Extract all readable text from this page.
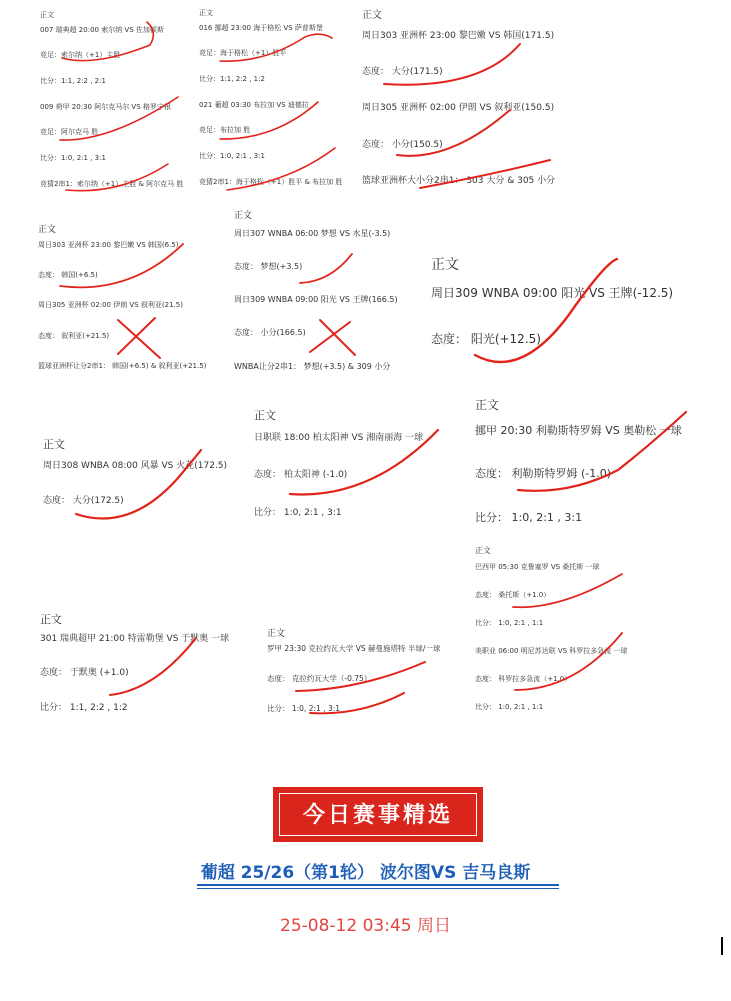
正文
007 瑞典超 20:00 索尔纳 VS 佐加顿斯
竞足：索尔纳（+1）主胜
比分：1:1, 2:2 , 2:1
009 荷甲 20:30 阿尔克马尔 VS 格罗宁根
竞足：阿尔克马 胜
比分：1:0, 2:1 , 3:1
竞猜2串1：索尔纳（+1）主胜 & 阿尔克马 胜
正文
016 挪超 23:00 海于格松 VS 萨普斯堡
竞足：海于格松（+1）胜平
比分：1:1, 2:2 , 1:2
021 葡超 03:30 布拉加 VS 迪德拉
竞足：布拉加 胜
比分：1:0, 2:1 , 3:1
竞猜2串1：海于格松（+1）胜平 & 布拉加 胜
正文
周日303 亚洲杯 23:00 黎巴嫩 VS 韩国(171.5)
态度： 大分(171.5)
周日305 亚洲杯 02:00 伊朗 VS 叙利亚(150.5)
态度： 小分(150.5)
篮球亚洲杯大小分2串1： 303 大分 & 305 小分
正文
周日303 亚洲杯 23:00 黎巴嫩 VS 韩国(6.5)
态度： 韩国(+6.5)
周日305 亚洲杯 02:00 伊朗 VS 叙利亚(21.5)
态度： 叙利亚(+21.5)
篮球亚洲杯让分2串1： 韩国(+6.5) & 叙利亚(+21.5)
正文
周日307 WNBA 06:00 梦想 VS 水星(-3.5)
态度： 梦想(+3.5)
周日309 WNBA 09:00 阳光 VS 王牌(166.5)
态度： 小分(166.5)
WNBA让分2串1： 梦想(+3.5) & 309 小分
正文
周日309 WNBA 09:00 阳光 VS 王牌(-12.5)
态度： 阳光(+12.5)
正文
周日308 WNBA 08:00 风暴 VS 火花(172.5)
态度： 大分(172.5)
正文
日职联 18:00 柏太阳神 VS 湘南丽海 一球
态度： 柏太阳神 (-1.0)
比分： 1:0, 2:1 , 3:1
正文
挪甲 20:30 利勒斯特罗姆 VS 奥勒松 一球
态度： 利勒斯特罗姆 (-1.0)
比分： 1:0, 2:1 , 3:1
正文
巴西甲 05:30 克鲁塞罗 VS 桑托斯 一球
态度： 桑托斯（+1.0）
比分： 1:0, 2:1 , 1:1
美职业 06:00 明尼苏达联 VS 科罗拉多急流 一球
态度： 科罗拉多急流（+1.0）
比分： 1:0, 2:1 , 1:1
正文
301 瑞典超甲 21:00 特雷勒堡 VS 于默奥 一球
态度： 于默奥 (+1.0)
比分： 1:1, 2:2 , 1:2
正文
罗甲 23:30 克拉约瓦大学 VS 赫曼施塔特 半球/一球
态度： 克拉约瓦大学（-0.75）
比分： 1:0, 2:1 , 3:1
今日赛事精选
葡超 25/26（第1轮） 波尔图VS 吉马良斯
25-08-12 03:45 周日
